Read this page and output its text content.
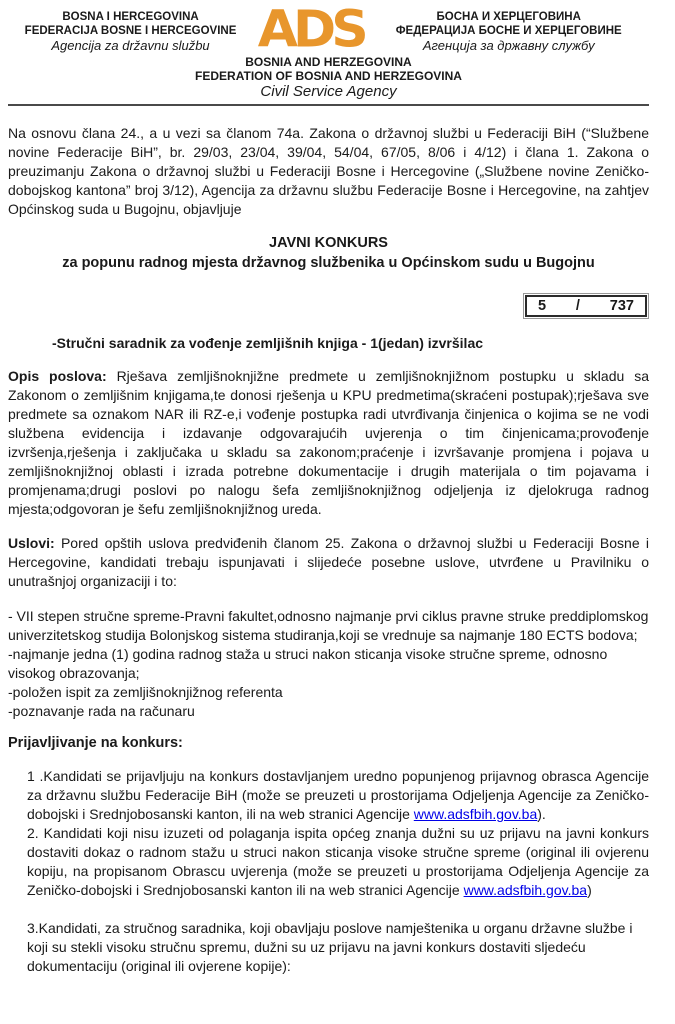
BOSNA I HERCEGOVINA
FEDERACIJA BOSNE I HERCEGOVINE
Agencija za državnu službu ADS	БОСНА И ХЕРЦЕГОВИНА
ФЕДЕРАЦИЈА БОСНЕ И ХЕРЦЕГОВИНЕ
Агенција за државну службу
BOSNIA AND HERZEGOVINA
FEDERATION OF BOSNIA AND HERZEGOVINA
Civil Service Agency

Na osnovu člana 24., a u vezi sa članom 74a. Zakona o državnoj službi u Federaciji BiH (“Službene novine Federacije BiH”, br. 29/03, 23/04, 39/04, 54/04, 67/05, 8/06 i 4/12) i člana 1. Zakona o preuzimanju Zakona o državnoj službi u Federaciji Bosne i Hercegovine („Službene novine Zeničko-dobojskog kantona” broj 3/12), Agencija za državnu službu Federacije Bosne i Hercegovine, na zahtjev Općinskog suda u Bugojnu, objavljuje

JAVNI KONKURS
za popunu radnog mjesta državnog službenika u Općinskom sudu u Bugojnu
5 / 737

-Stručni saradnik za vođenje zemljišnih knjiga - 1(jedan) izvršilac

Opis poslova: Rješava zemljišnoknjižne predmete u zemljišnoknjižnom postupku u skladu sa Zakonom o zemljišnim knjigama,te donosi rješenja u KPU predmetima(skraćeni postupak);rješava sve predmete sa oznakom NAR ili RZ-e,i vođenje postupka radi utvrđivanja činjenica o kojima se ne vodi službena evidencija i izdavanje odgovarajućih uvjerenja o tim činjenicama;provođenje izvršenja,rješenja i zaključaka u skladu sa zakonom;praćenje i izvršavanje promjena i pojava u zemljišnoknjižnoj oblasti i izrada potrebne dokumentacije i drugih materijala o tim pojavama i promjenama;drugi poslovi po nalogu šefa zemljišnoknjižnog odjeljenja iz djelokruga radnog mjesta;odgovoran je šefu zemljišnoknjižnog ureda.

Uslovi: Pored opštih uslova predviđenih članom 25. Zakona o državnoj službi u Federaciji Bosne i Hercegovine, kandidati trebaju ispunjavati i slijedeće posebne uslove, utvrđene u Pravilniku o unutrašnjoj organizaciji i to:

- VII stepen stručne spreme-Pravni fakultet,odnosno najmanje prvi ciklus pravne struke preddiplomskog univerzitetskog studija Bolonjskog sistema studiranja,koji se vrednuje sa najmanje 180 ECTS bodova;
-najmanje jedna (1) godina radnog staža u struci nakon sticanja visoke stručne spreme, odnosno visokog obrazovanja;
-položen ispit za zemljišnoknjižnog referenta
-poznavanje rada na računaru

Prijavljivanje na konkurs:

1 .Kandidati se prijavljuju na konkurs dostavljanjem uredno popunjenog prijavnog obrasca Agencije za državnu službu Federacije BiH (može se preuzeti u prostorijama Odjeljenja Agencije za Zeničko-dobojski i Srednjobosanski kanton, ili na web stranici Agencije www.adsfbih.gov.ba).

2. Kandidati koji nisu izuzeti od polaganja ispita općeg znanja dužni su uz prijavu na javni konkurs dostaviti dokaz o radnom stažu u struci nakon sticanja visoke stručne spreme (original ili ovjerenu kopiju, na propisanom Obrascu uvjerenja (može se preuzeti u prostorijama Odjeljenja Agencije za Zeničko-dobojski i Srednjobosanski kanton ili na web stranici Agencije www.adsfbih.gov.ba)

3.Kandidati, za stručnog saradnika, koji obavljaju poslove namještenika u organu državne službe i koji su stekli visoku stručnu spremu, dužni su uz prijavu na javni konkurs dostaviti sljedeću dokumentaciju (original ili ovjerene kopije):
